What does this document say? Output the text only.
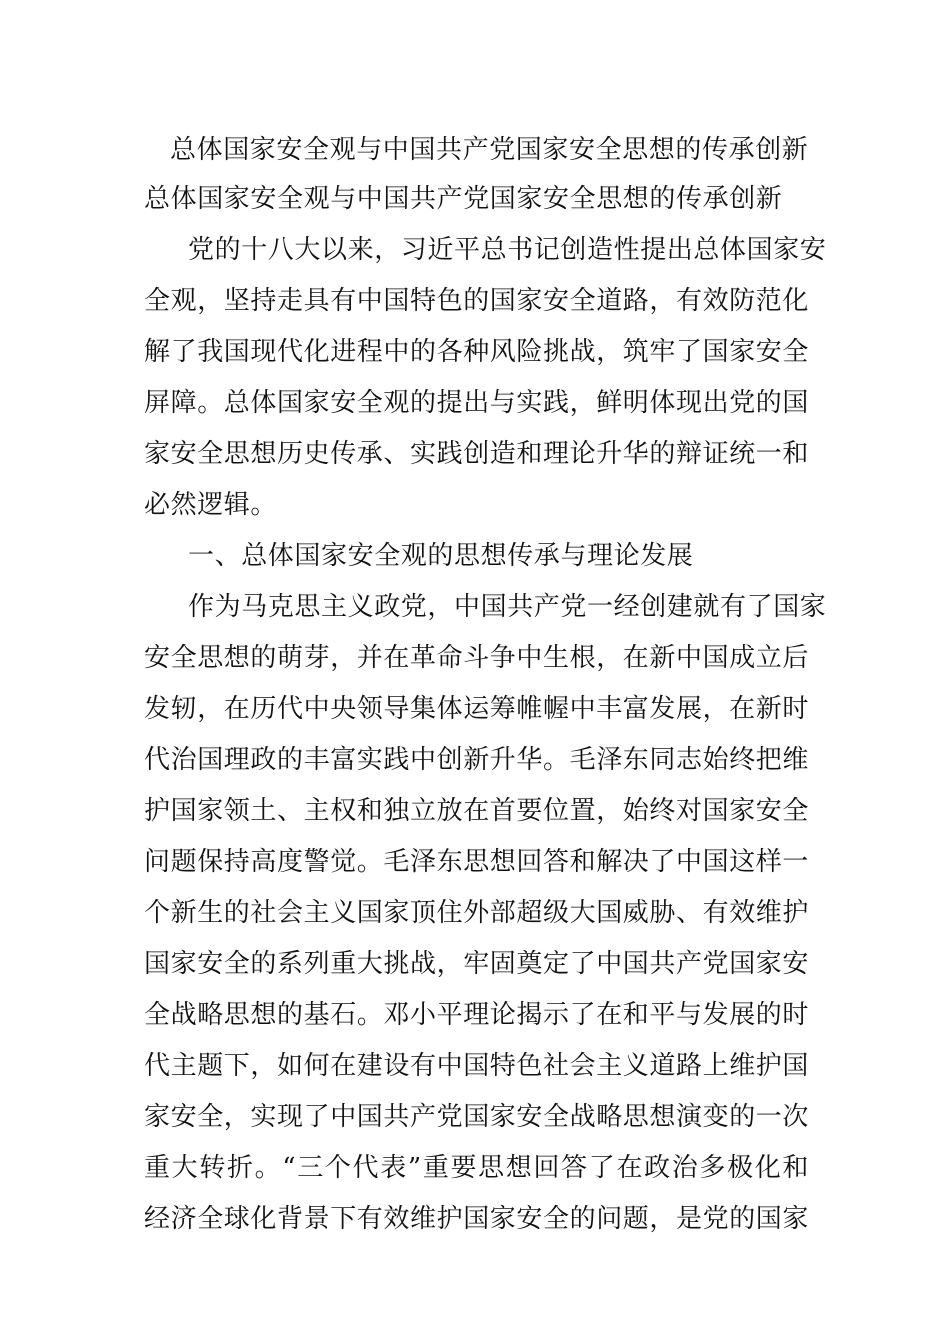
总体国家安全观与中国共产党国家安全思想的传承创新
总体国家安全观与中国共产党国家安全思想的传承创新
党的十八大以来，习近平总书记创造性提出总体国家安
全观，坚持走具有中国特色的国家安全道路，有效防范化
解了我国现代化进程中的各种风险挑战，筑牢了国家安全
屏障。总体国家安全观的提出与实践，鲜明体现出党的国
家安全思想历史传承、实践创造和理论升华的辩证统一和
必然逻辑。
一、总体国家安全观的思想传承与理论发展
作为马克思主义政党，中国共产党一经创建就有了国家
安全思想的萌芽，并在革命斗争中生根，在新中国成立后
发轫，在历代中央领导集体运筹帷幄中丰富发展，在新时
代治国理政的丰富实践中创新升华。毛泽东同志始终把维
护国家领土、主权和独立放在首要位置，始终对国家安全
问题保持高度警觉。毛泽东思想回答和解决了中国这样一
个新生的社会主义国家顶住外部超级大国威胁、有效维护
国家安全的系列重大挑战，牢固奠定了中国共产党国家安
全战略思想的基石。邓小平理论揭示了在和平与发展的时
代主题下，如何在建设有中国特色社会主义道路上维护国
家安全，实现了中国共产党国家安全战略思想演变的一次
重大转折。“三个代表”重要思想回答了在政治多极化和
经济全球化背景下有效维护国家安全的问题，是党的国家
